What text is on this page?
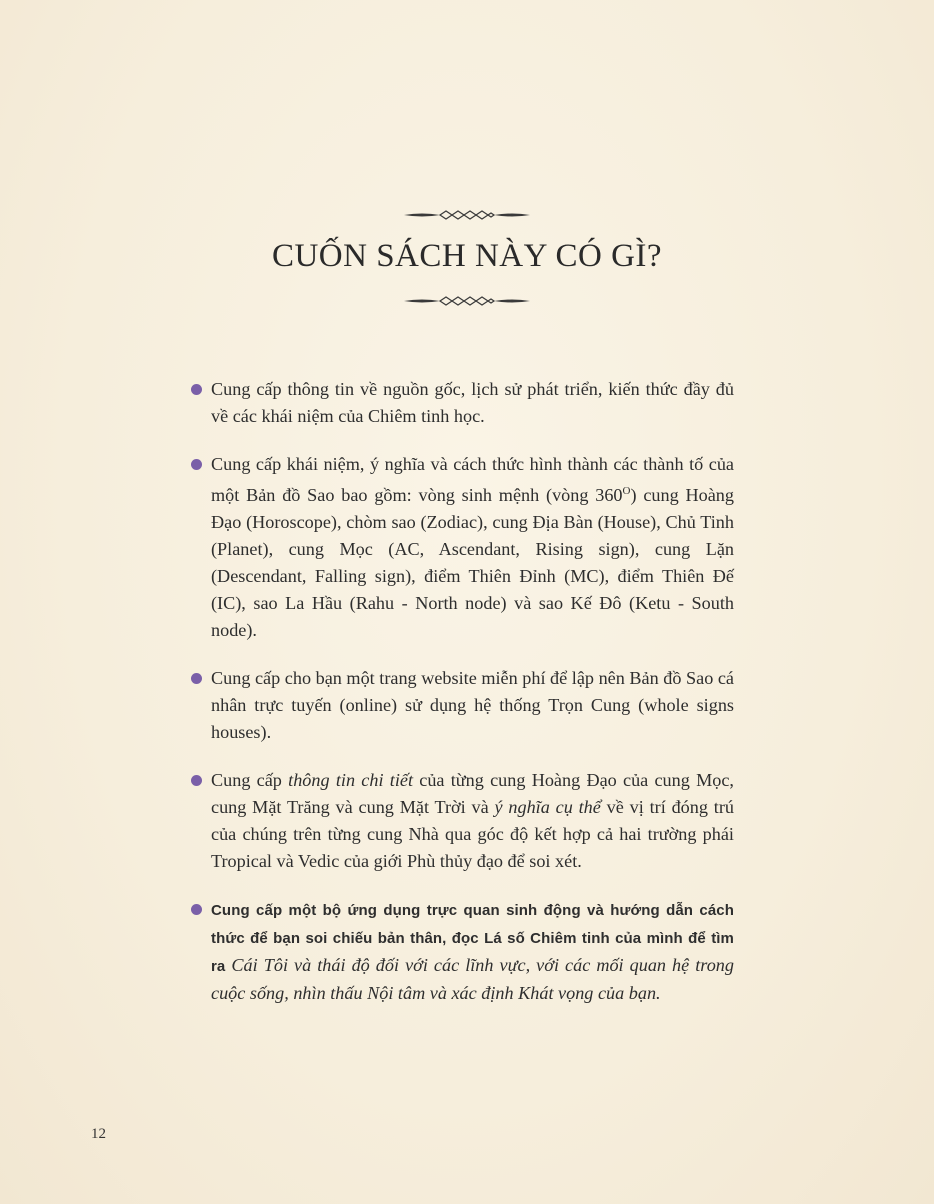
CUỐN SÁCH NÀY CÓ GÌ?
Cung cấp thông tin về nguồn gốc, lịch sử phát triển, kiến thức đầy đủ về các khái niệm của Chiêm tinh học.
Cung cấp khái niệm, ý nghĩa và cách thức hình thành các thành tố của một Bản đồ Sao bao gồm: vòng sinh mệnh (vòng $360^O$) cung Hoàng Đạo (Horoscope), chòm sao (Zodiac), cung Địa Bàn (House), Chủ Tinh (Planet), cung Mọc (AC, Ascendant, Rising sign), cung Lặn (Descendant, Falling sign), điểm Thiên Đỉnh (MC), điểm Thiên Đế (IC), sao La Hầu (Rahu - North node) và sao Kế Đô (Ketu - South node).
Cung cấp cho bạn một trang website miễn phí để lập nên Bản đồ Sao cá nhân trực tuyến (online) sử dụng hệ thống Trọn Cung (whole signs houses).
Cung cấp thông tin chi tiết của từng cung Hoàng Đạo của cung Mọc, cung Mặt Trăng và cung Mặt Trời và ý nghĩa cụ thể về vị trí đóng trú của chúng trên từng cung Nhà qua góc độ kết hợp cả hai trường phái Tropical và Vedic của giới Phù thủy đạo để soi xét.
Cung cấp một bộ ứng dụng trực quan sinh động và hướng dẫn cách thức để bạn soi chiếu bản thân, đọc Lá số Chiêm tinh của mình để tìm ra Cái Tôi và thái độ đối với các lĩnh vực, với các mối quan hệ trong cuộc sống, nhìn thấu Nội tâm và xác định Khát vọng của bạn.
12
